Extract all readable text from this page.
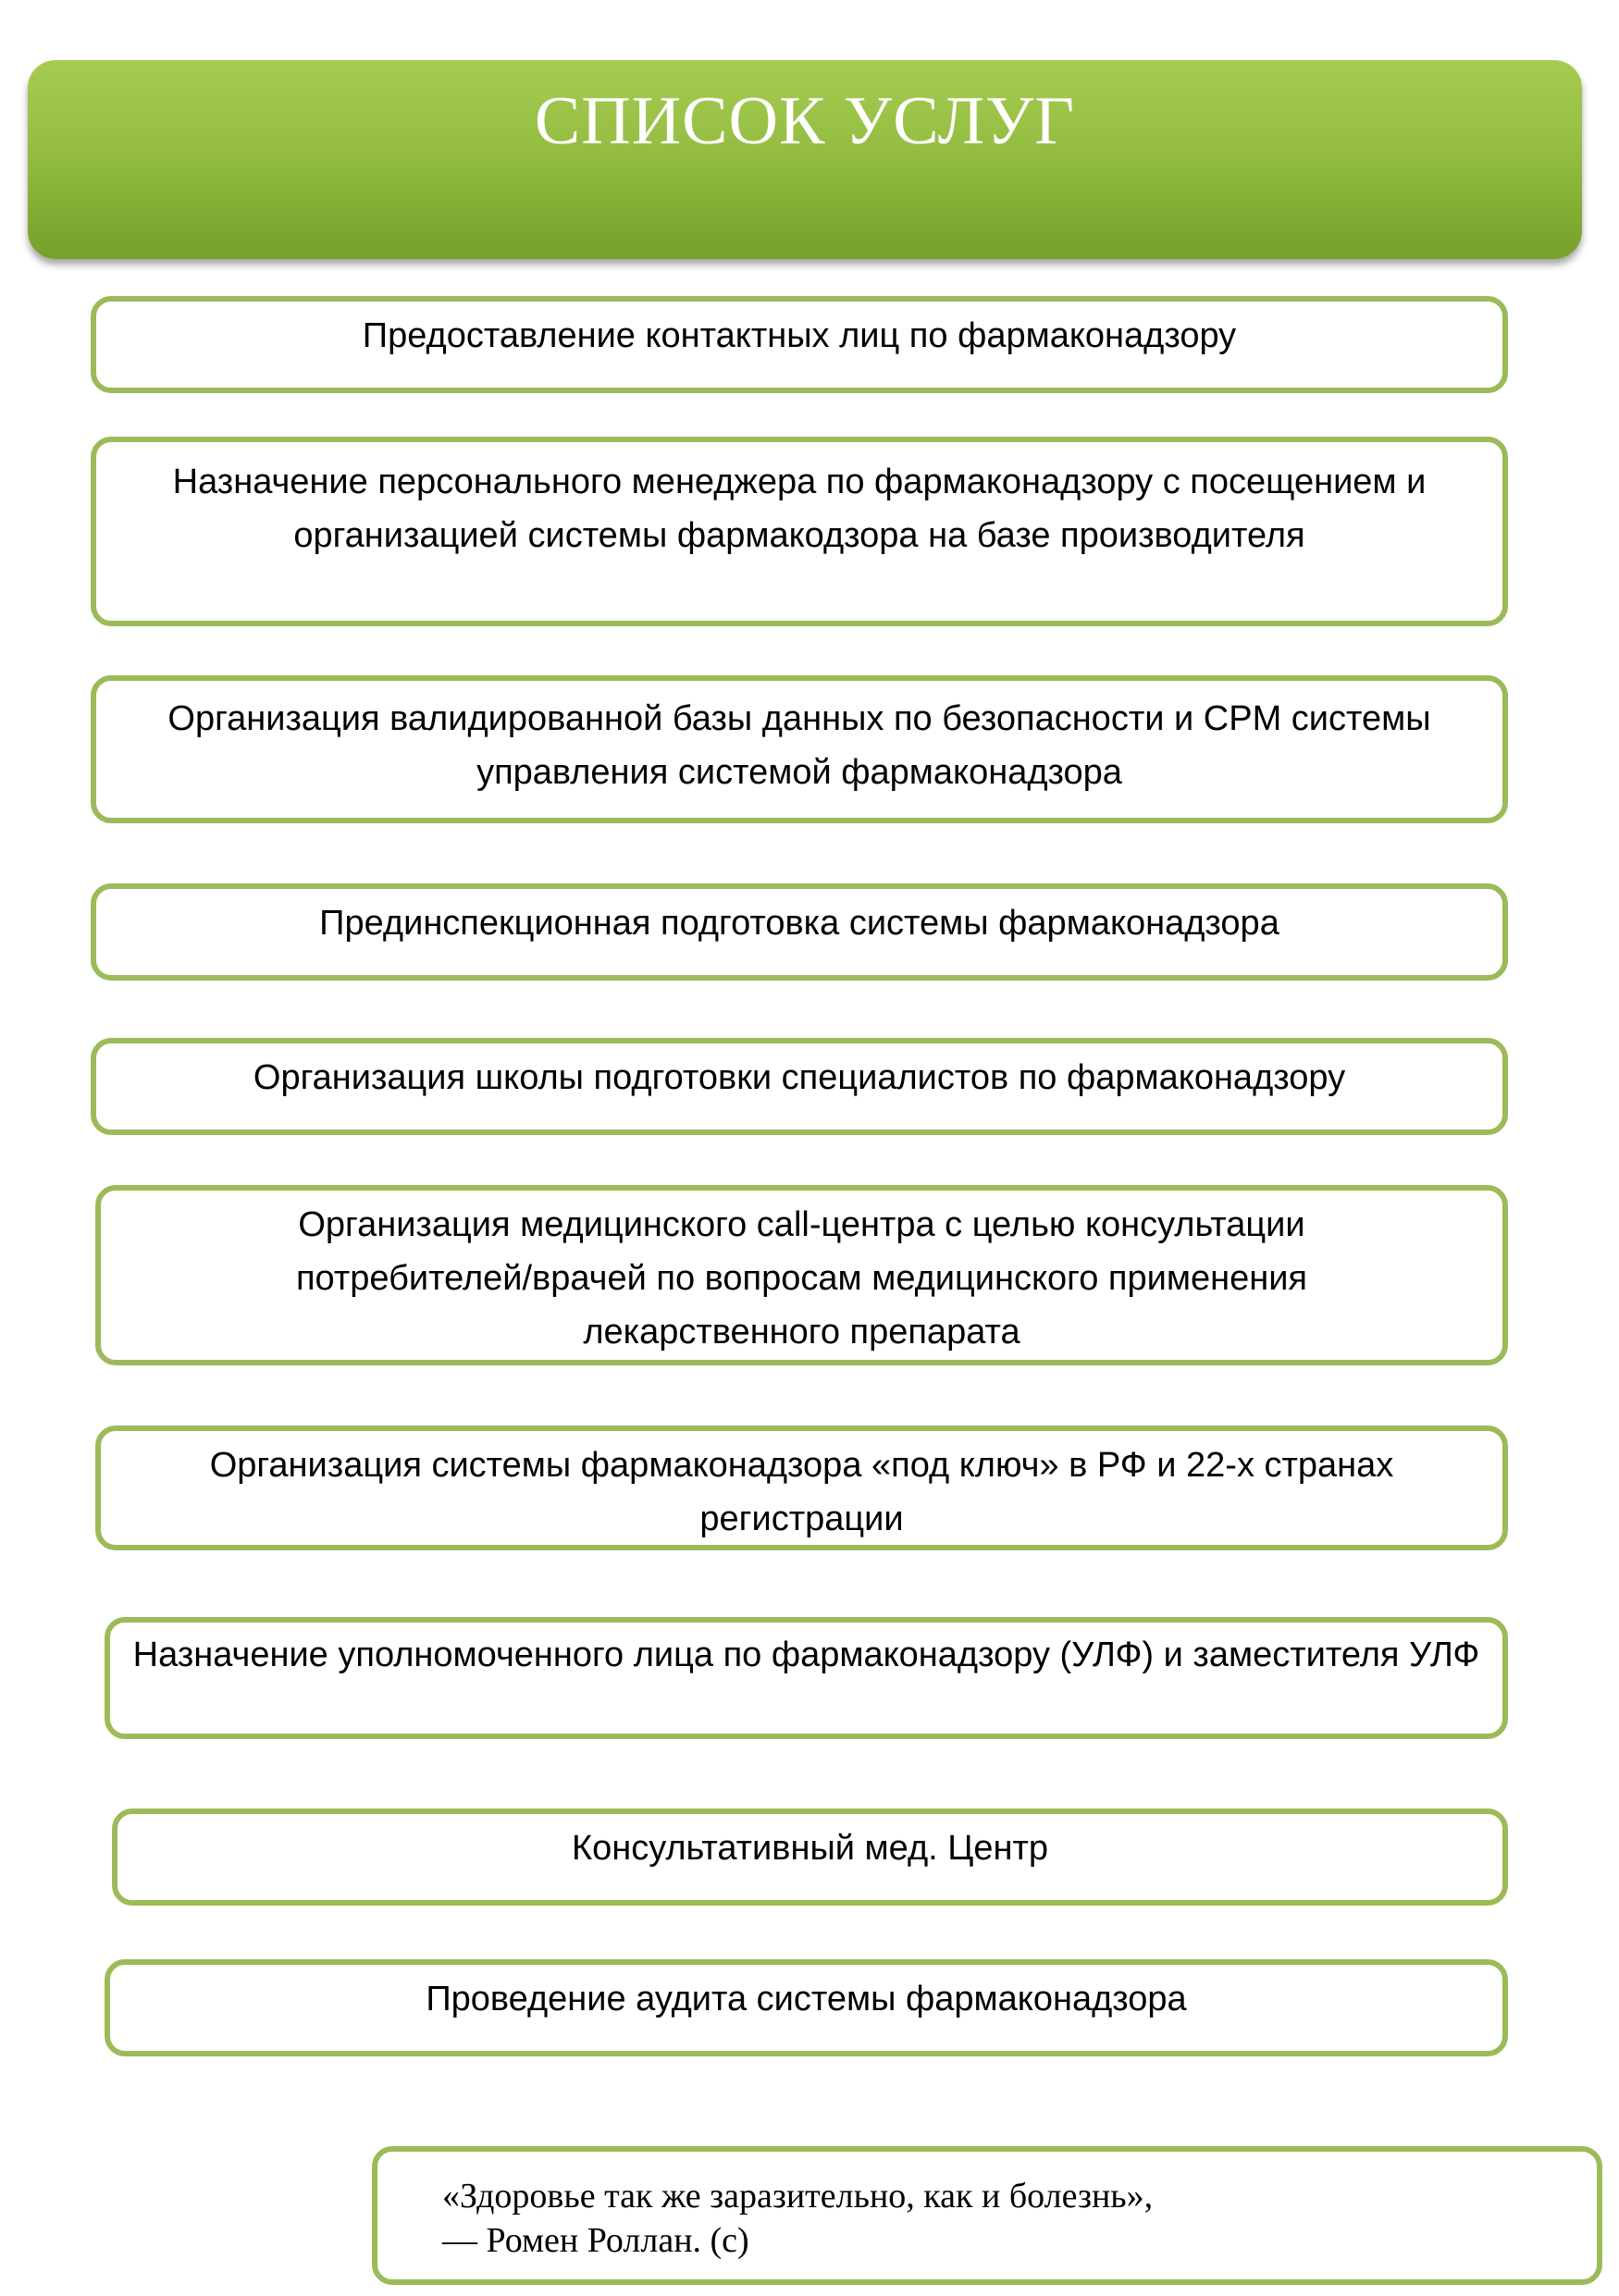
СПИСОК УСЛУГ
Предоставление контактных лиц по фармаконадзору
Назначение персонального менеджера по фармаконадзору с посещением и организацией системы фармакодзора на базе производителя
Организация валидированной базы данных по безопасности и CPM системы управления системой фармаконадзора
Прединспекционная подготовка системы фармаконадзора
Организация школы подготовки специалистов по фармаконадзору
Организация медицинского call-центра с целью консультации потребителей/врачей по вопросам медицинского применения лекарственного препарата
Организация системы фармаконадзора «под ключ» в РФ и 22-х странах регистрации
Назначение уполномоченного лица по фармаконадзору (УЛФ) и заместителя УЛФ
Консультативный мед. Центр
Проведение аудита системы фармаконадзора
«Здоровье так же заразительно, как и болезнь»,
— Ромен Роллан. (c)
